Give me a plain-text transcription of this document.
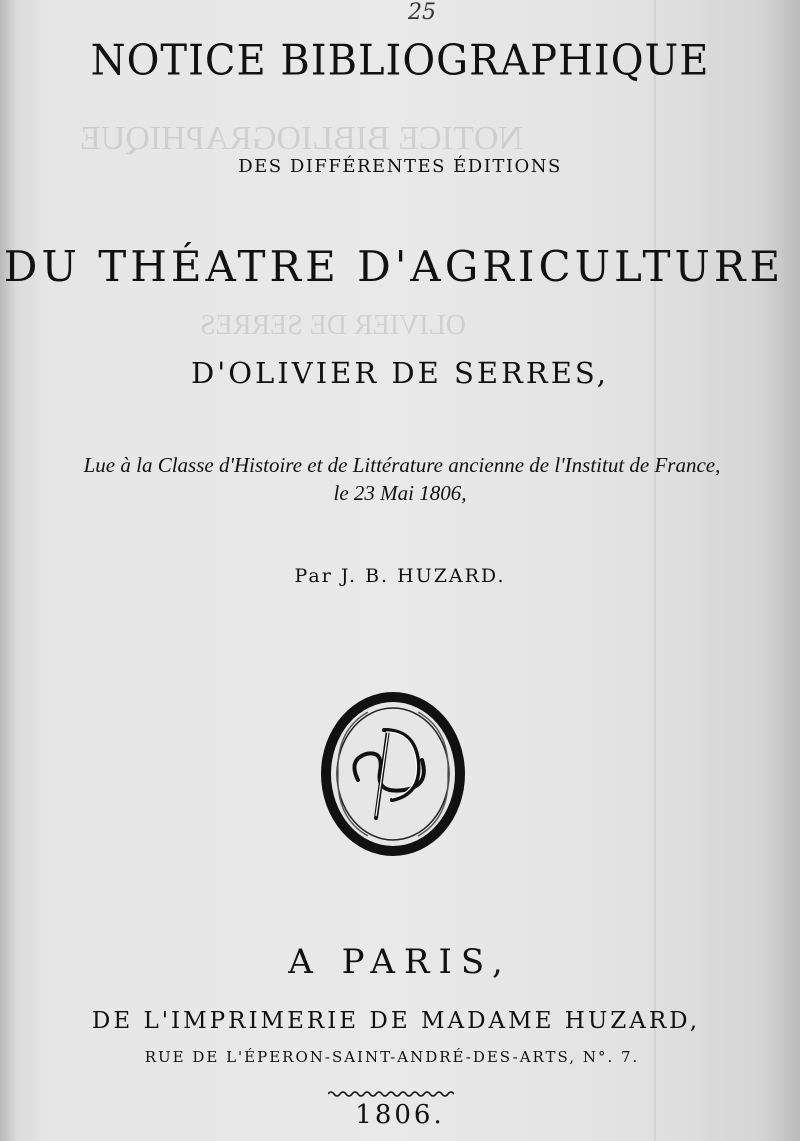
NOTICE BIBLIOGRAPHIQUE
OLIVIER DE SERRES
25
NOTICE BIBLIOGRAPHIQUE
DES DIFFÉRENTES ÉDITIONS
DU THÉATRE D'AGRICULTURE
D'OLIVIER DE SERRES,
Lue à la Classe d'Histoire et de Littérature ancienne de l'Institut de France,
le 23 Mai 1806,
Par J. B. HUZARD.
A PARIS,
DE L'IMPRIMERIE DE MADAME HUZARD,
RUE DE L'ÉPERON-SAINT-ANDRÉ-DES-ARTS, N°. 7.
1806.
